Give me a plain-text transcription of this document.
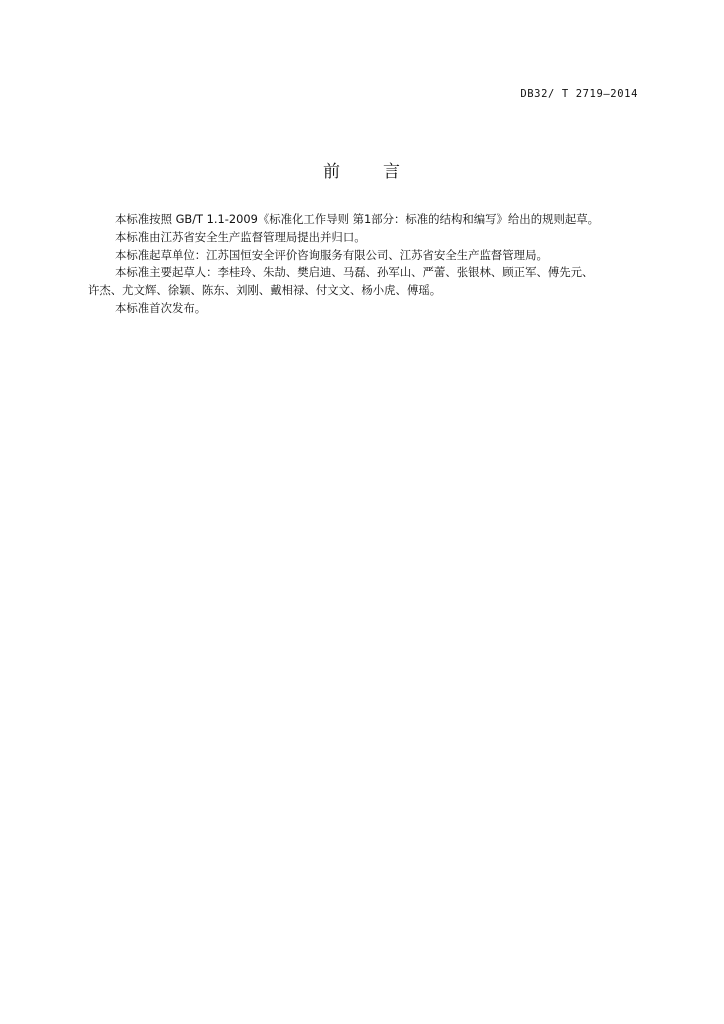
DB32/ T 2719—2014
前 言

本标准按照 GB/T 1.1-2009《标准化工作导则 第1部分：标准的结构和编写》给出的规则起草。

本标准由江苏省安全生产监督管理局提出并归口。

本标准起草单位：江苏国恒安全评价咨询服务有限公司、江苏省安全生产监督管理局。

本标准主要起草人：李桂玲、朱劼、樊启迪、马磊、孙军山、严蕾、张银林、顾正军、傅先元、

许杰、尤文辉、徐颖、陈东、刘刚、戴相禄、付文文、杨小虎、傅瑶。

本标准首次发布。
